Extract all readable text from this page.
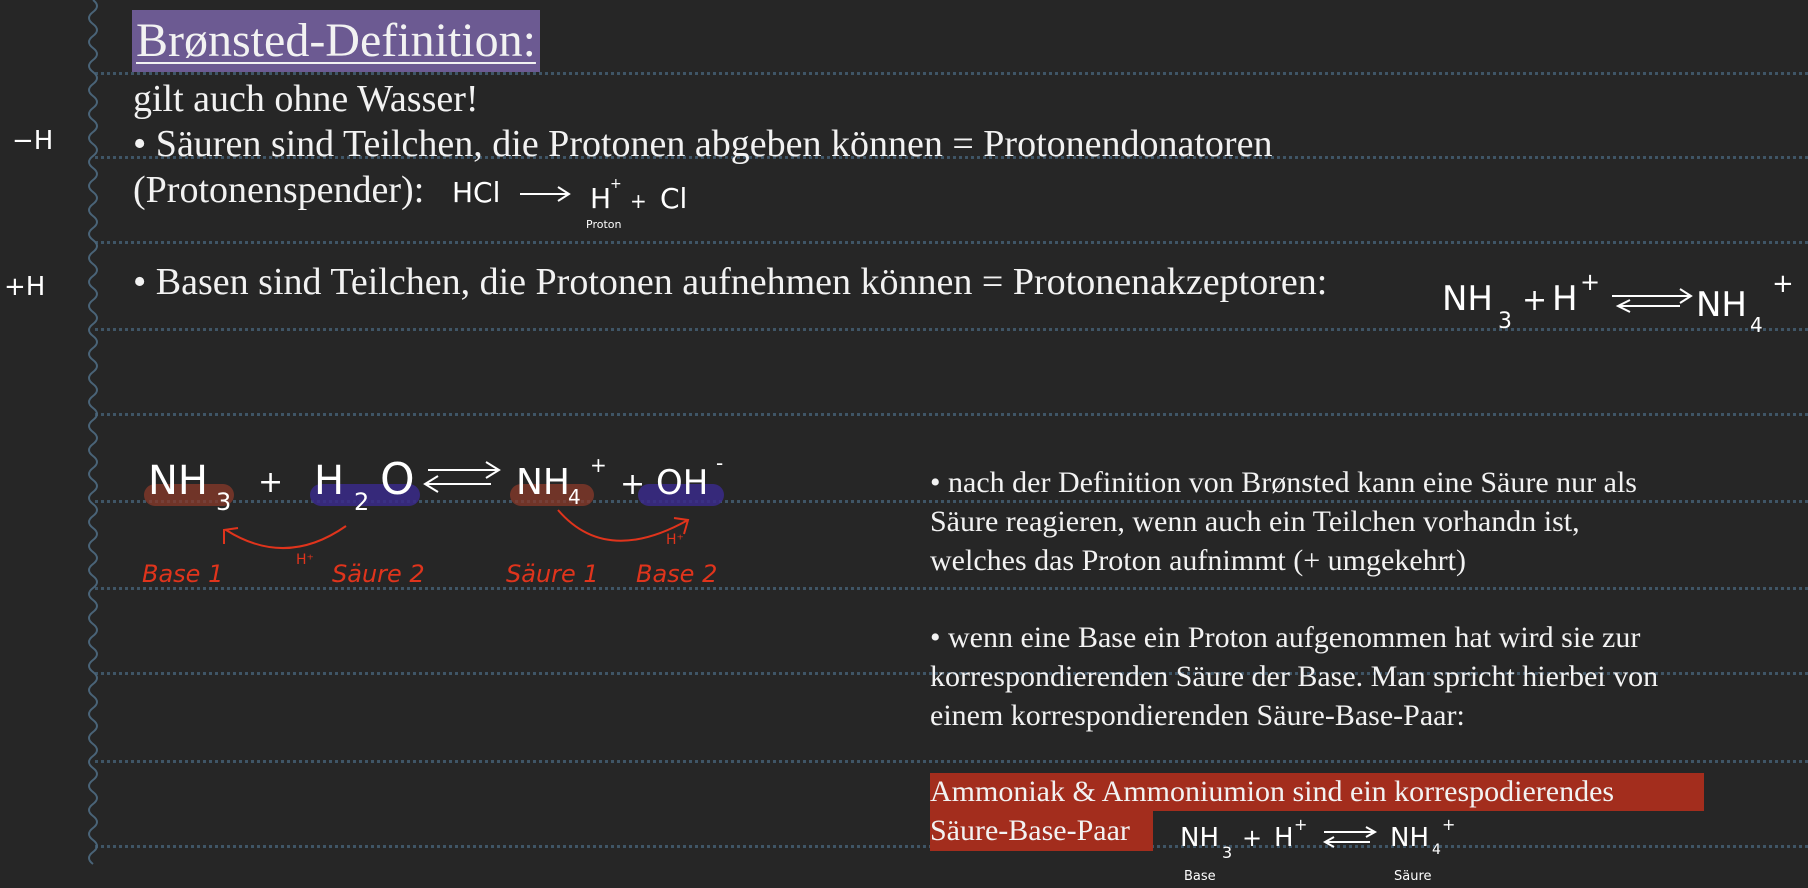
−H
+H
Brønsted-Definition:
gilt auch ohne Wasser!
• Säuren sind Teilchen, die Protonen abgeben können = Protonendonatoren
(Protonenspender):
• Basen sind Teilchen, die Protonen aufnehmen können = Protonenakzeptoren:
HCl	H
+
+ Cl
Proton
NH
3
+ H +
NH 4
+
NH 3
+ H 2 O	NH
4
+
+ OH -
H⁺
H⁺
Base 1	Säure 2	Säure 1 Base 2
• nach der Definition von Brønsted kann eine Säure nur als
Säure reagieren, wenn auch ein Teilchen vorhandn ist,
welches das Proton aufnimmt (+ umgekehrt)
• wenn eine Base ein Proton aufgenommen hat wird sie zur
korrespondierenden Säure der Base. Man spricht hierbei von
einem korrespondierenden Säure-Base-Paar:
Ammoniak & Ammoniumion sind ein korrespodierendes
Säure-Base-Paar	NH 3
+ H +	NH 4
+
Base	Säure
